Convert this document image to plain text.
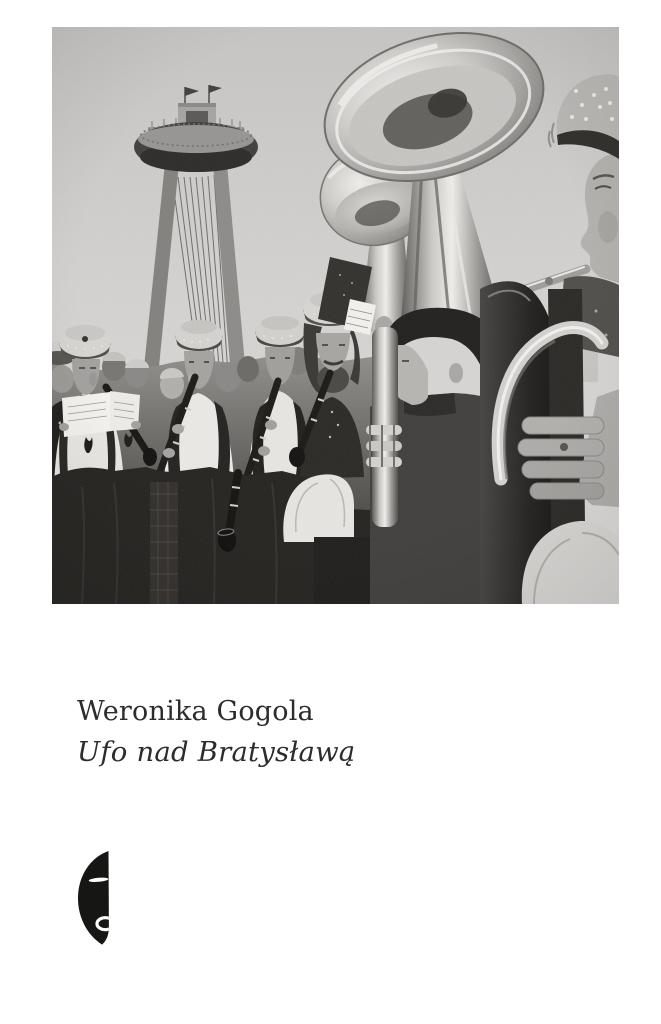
Weronika Gogola
Ufo nad Bratysławą
